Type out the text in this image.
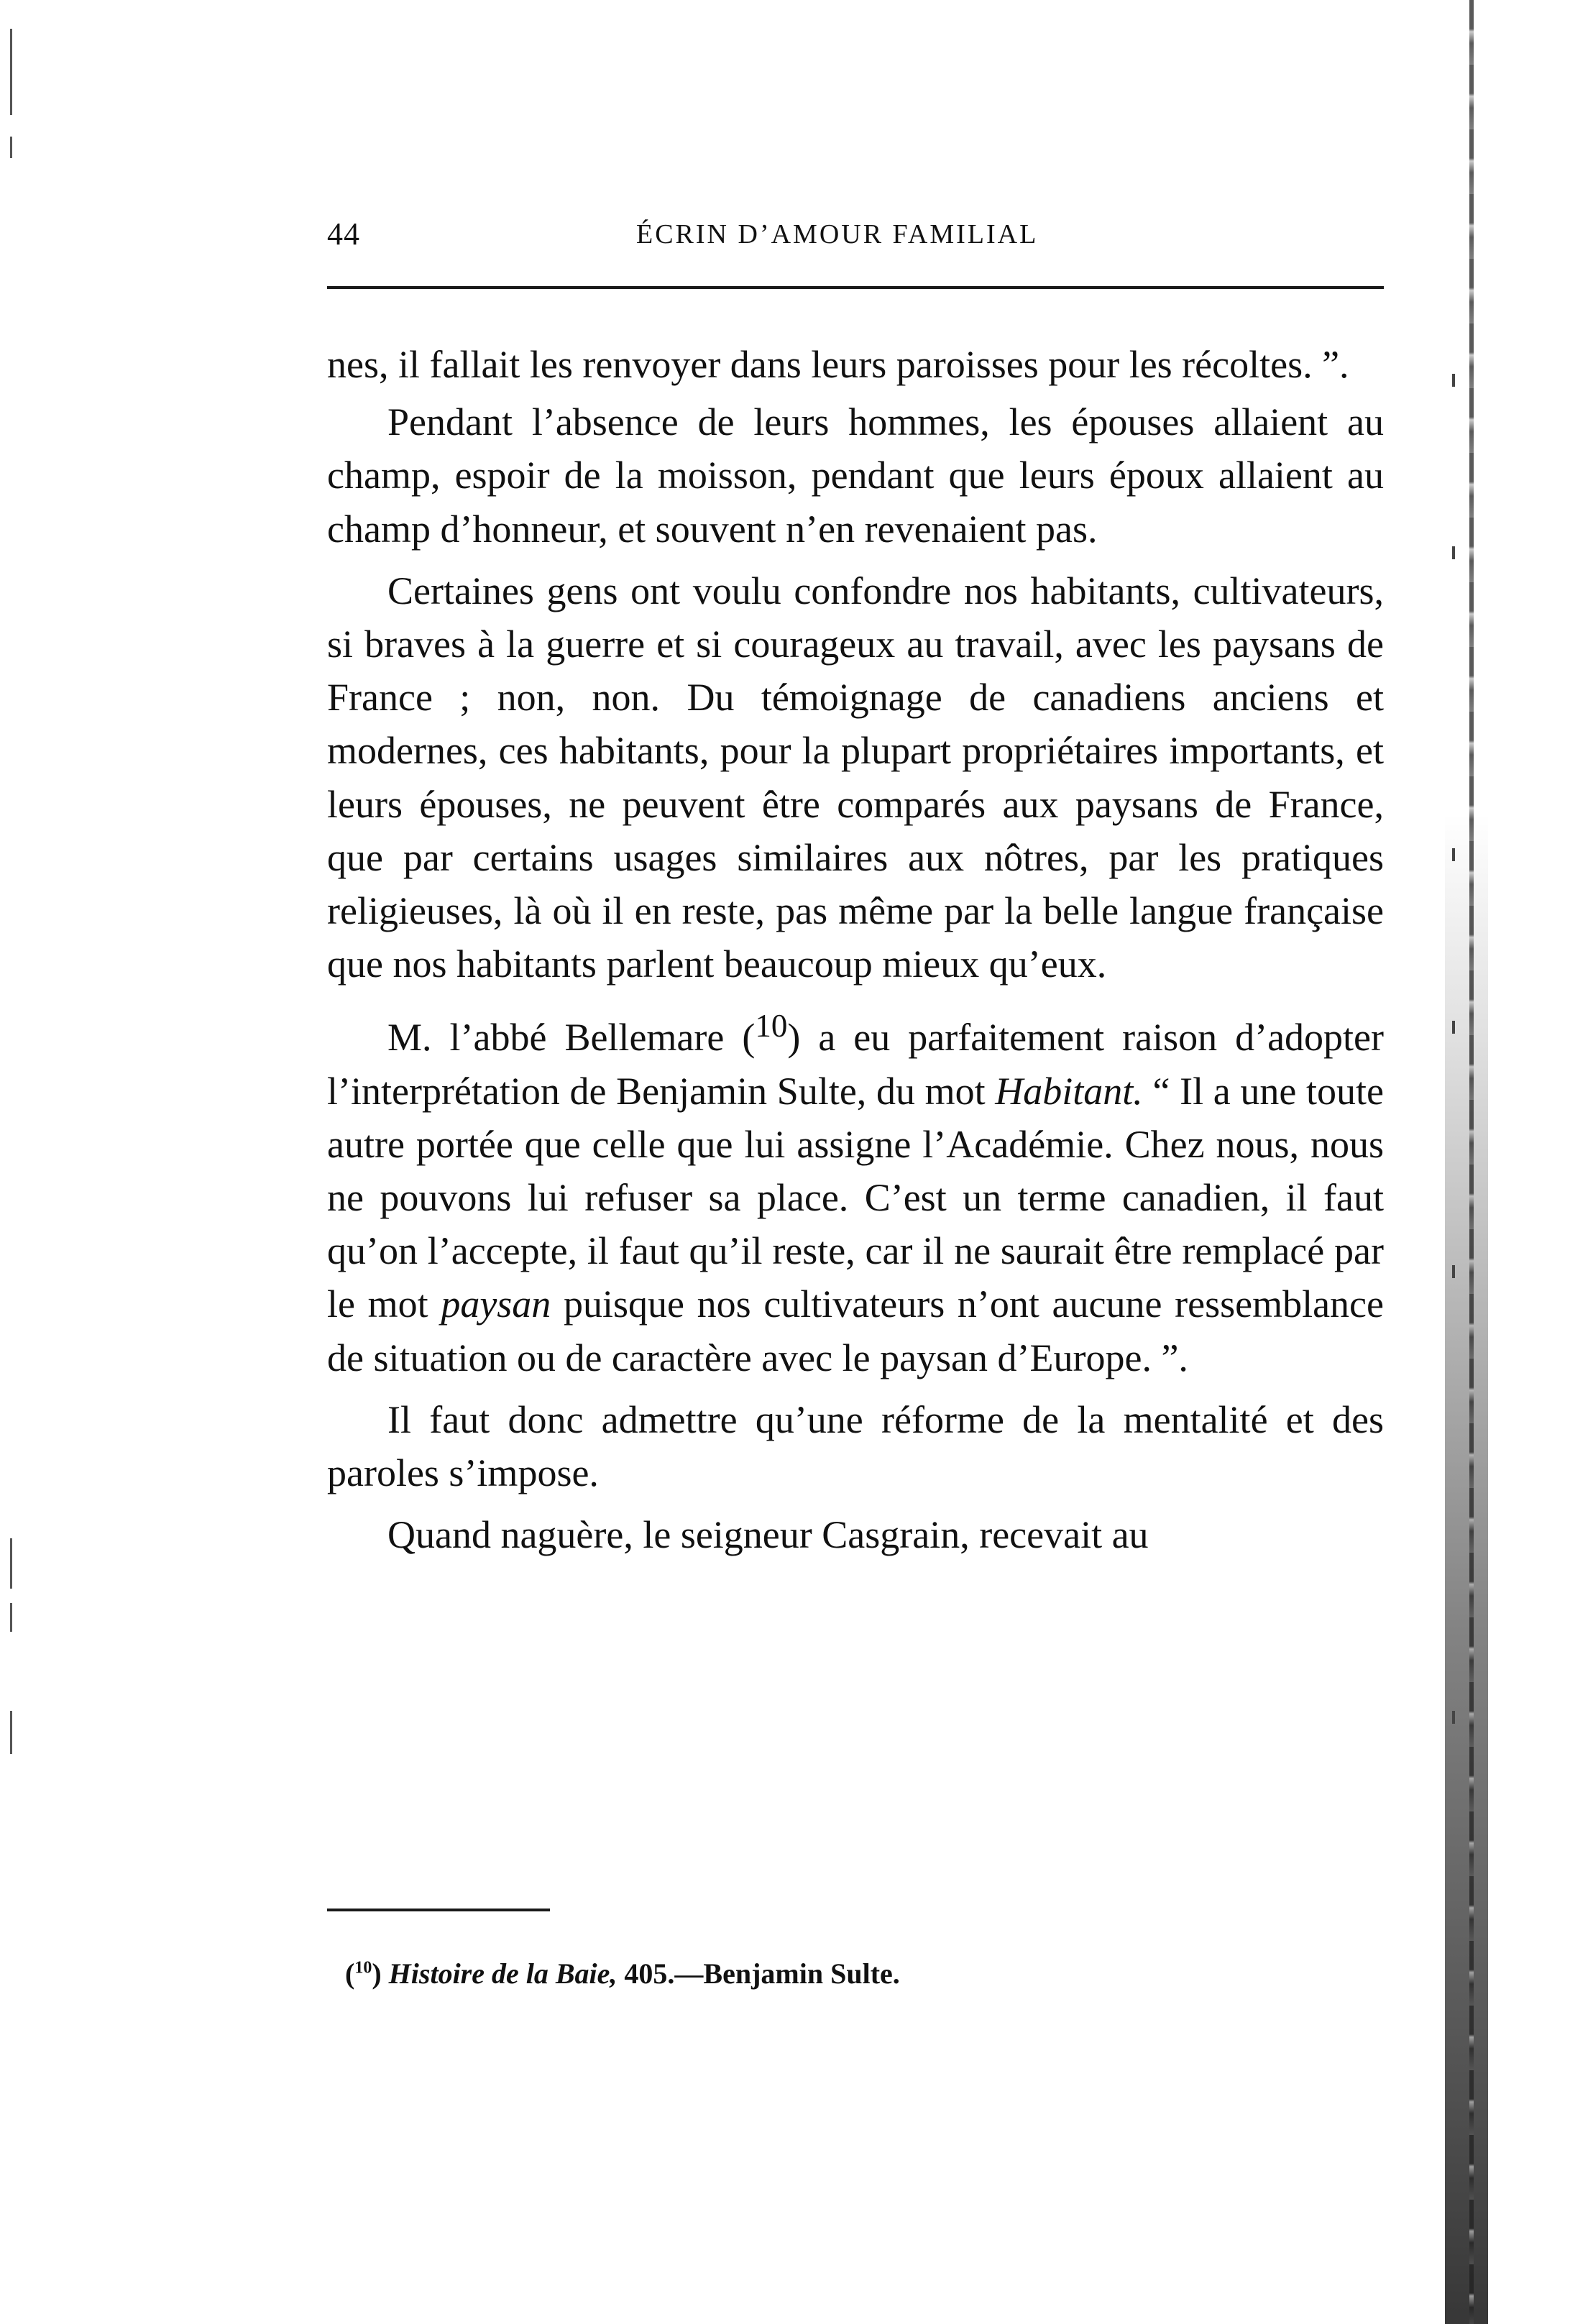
44	ÉCRIN D’AMOUR FAMILIAL

nes, il fallait les renvoyer dans leurs paroisses pour les récoltes. ”.

Pendant l’absence de leurs hommes, les épouses allaient au champ, espoir de la moisson, pendant que leurs époux allaient au champ d’honneur, et souvent n’en revenaient pas.

Certaines gens ont voulu confondre nos habitants, cultivateurs, si braves à la guerre et si courageux au travail, avec les paysans de France ; non, non. Du témoignage de canadiens anciens et modernes, ces habitants, pour la plupart propriétaires importants, et leurs épouses, ne peuvent être comparés aux paysans de France, que par certains usages similaires aux nôtres, par les pratiques religieuses, là où il en reste, pas même par la belle langue française que nos habitants parlent beaucoup mieux qu’eux.

M. l’abbé Bellemare ($^{10}$) a eu parfaitement raison d’adopter l’interprétation de Benjamin Sulte, du mot Habitant. “ Il a une toute autre portée que celle que lui assigne l’Académie. Chez nous, nous ne pouvons lui refuser sa place. C’est un terme canadien, il faut qu’on l’accepte, il faut qu’il reste, car il ne saurait être remplacé par le mot paysan puisque nos cultivateurs n’ont aucune ressemblance de situation ou de caractère avec le paysan d’Europe. ”.

Il faut donc admettre qu’une réforme de la mentalité et des paroles s’impose.

Quand naguère, le seigneur Casgrain, recevait au

($^{10}$) Histoire de la Baie, 405.—Benjamin Sulte.
